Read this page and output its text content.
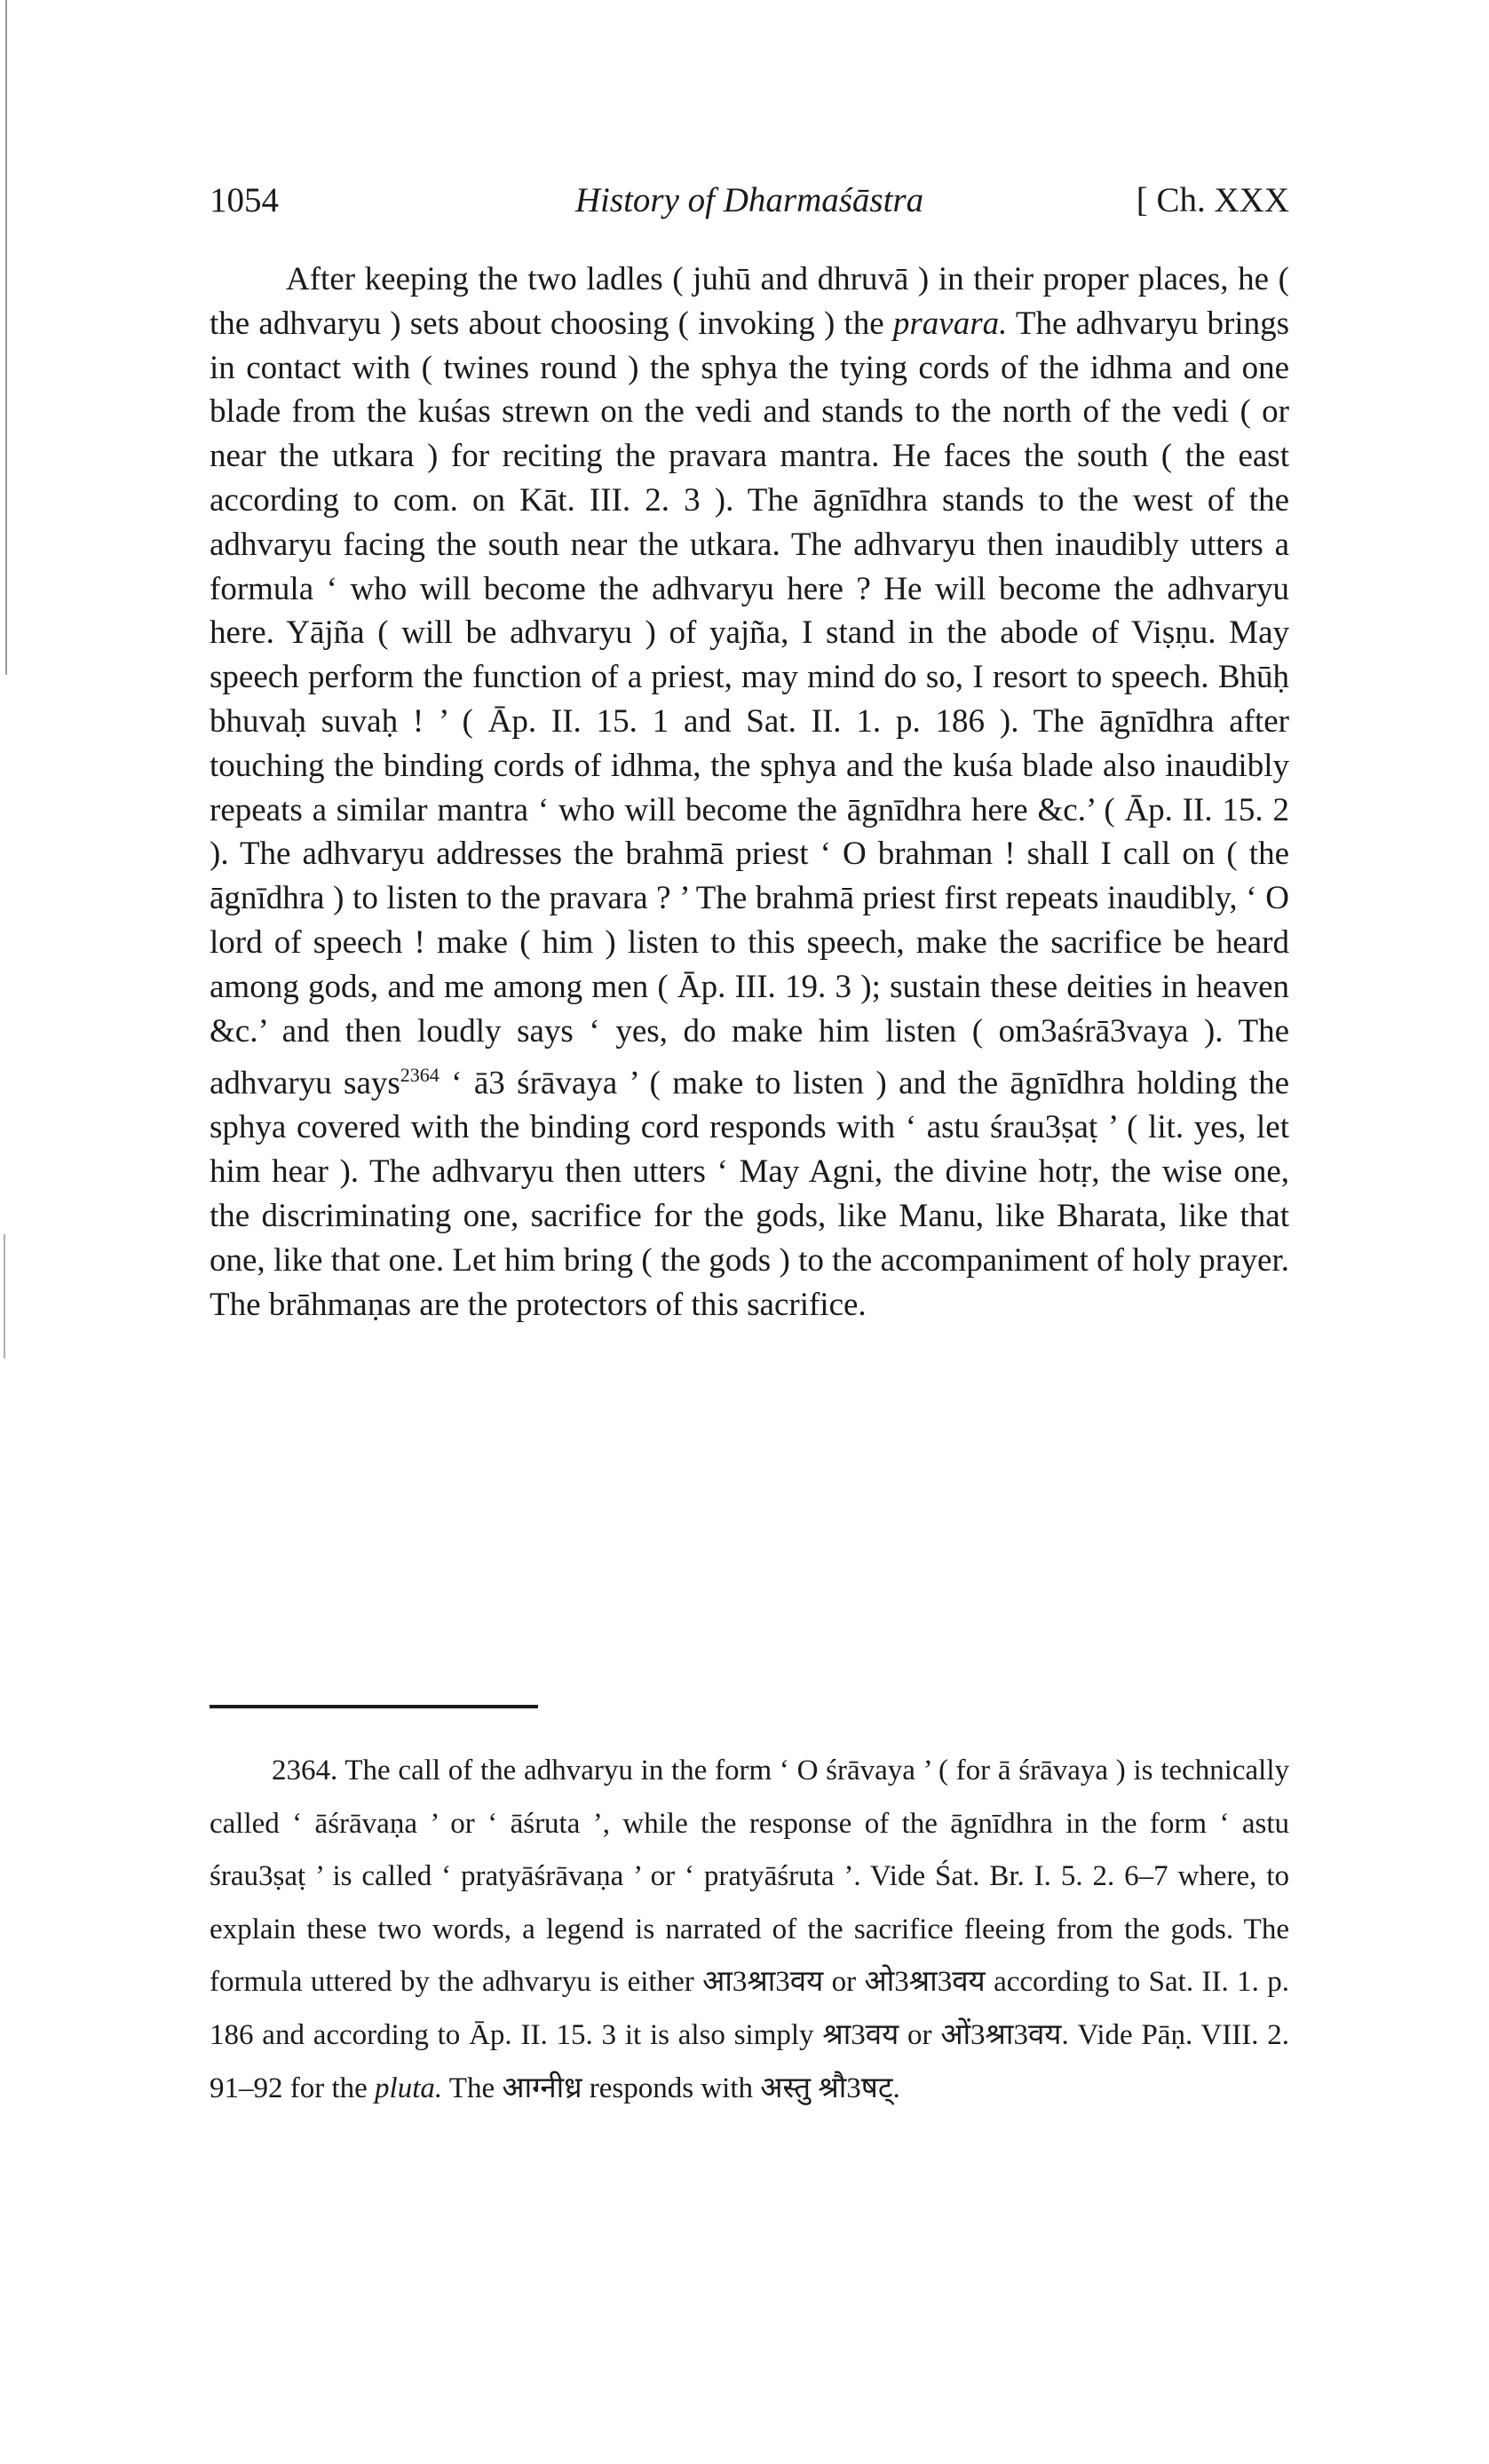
1054	History of Dharmaśāstra	[ Ch. XXX

After keeping the two ladles ( juhū and dhruvā ) in their proper places, he ( the adhvaryu ) sets about choosing ( invoking ) the pravara. The adhvaryu brings in contact with ( twines round ) the sphya the tying cords of the idhma and one blade from the kuśas strewn on the vedi and stands to the north of the vedi ( or near the utkara ) for reciting the pravara mantra. He faces the south ( the east according to com. on Kāt. III. 2. 3 ). The āgnīdhra stands to the west of the adhvaryu facing the south near the utkara. The adhvaryu then inaudibly utters a formula ‘ who will become the adhvaryu here ? He will become the adhvaryu here. Yājña ( will be adhvaryu ) of yajña, I stand in the abode of Viṣṇu. May speech perform the function of a priest, may mind do so, I resort to speech. Bhūḥ bhuvaḥ suvaḥ ! ’ ( Āp. II. 15. 1 and Sat. II. 1. p. 186 ). The āgnīdhra after touching the binding cords of idhma, the sphya and the kuśa blade also inaudibly repeats a similar mantra ‘ who will become the āgnīdhra here &c.’ ( Āp. II. 15. 2 ). The adhvaryu addresses the brahmā priest ‘ O brahman ! shall I call on ( the āgnīdhra ) to listen to the pravara ? ’ The brahmā priest first repeats inaudibly, ‘ O lord of speech ! make ( him ) listen to this speech, make the sacrifice be heard among gods, and me among men ( Āp. III. 19. 3 ); sustain these deities in heaven &c.’ and then loudly says ‘ yes, do make him listen ( om3aśrā3vaya ). The adhvaryu says$^{2364}$ ‘ ā3 śrāvaya ’ ( make to listen ) and the āgnīdhra holding the sphya covered with the binding cord responds with ‘ astu śrau3ṣaṭ ’ ( lit. yes, let him hear ). The adhvaryu then utters ‘ May Agni, the divine hotṛ, the wise one, the discriminating one, sacrifice for the gods, like Manu, like Bharata, like that one, like that one. Let him bring ( the gods ) to the accompaniment of holy prayer. The brāhmaṇas are the protectors of this sacrifice.

2364. The call of the adhvaryu in the form ‘ O śrāvaya ’ ( for ā śrāvaya ) is technically called ‘ āśrāvaṇa ’ or ‘ āśruta ’, while the response of the āgnīdhra in the form ‘ astu śrau3ṣaṭ ’ is called ‘ pratyāśrāvaṇa ’ or ‘ pratyāśruta ’. Vide Śat. Br. I. 5. 2. 6–7 where, to explain these two words, a legend is narrated of the sacrifice fleeing from the gods. The formula uttered by the adhvaryu is either आ3श्रा3वय or ओ3श्रा3वय according to Sat. II. 1. p. 186 and according to Āp. II. 15. 3 it is also simply श्रा3वय or ओं3श्रा3वय. Vide Pāṇ. VIII. 2. 91–92 for the pluta. The आग्नीध्र responds with अस्तु श्रौ3षट्.
